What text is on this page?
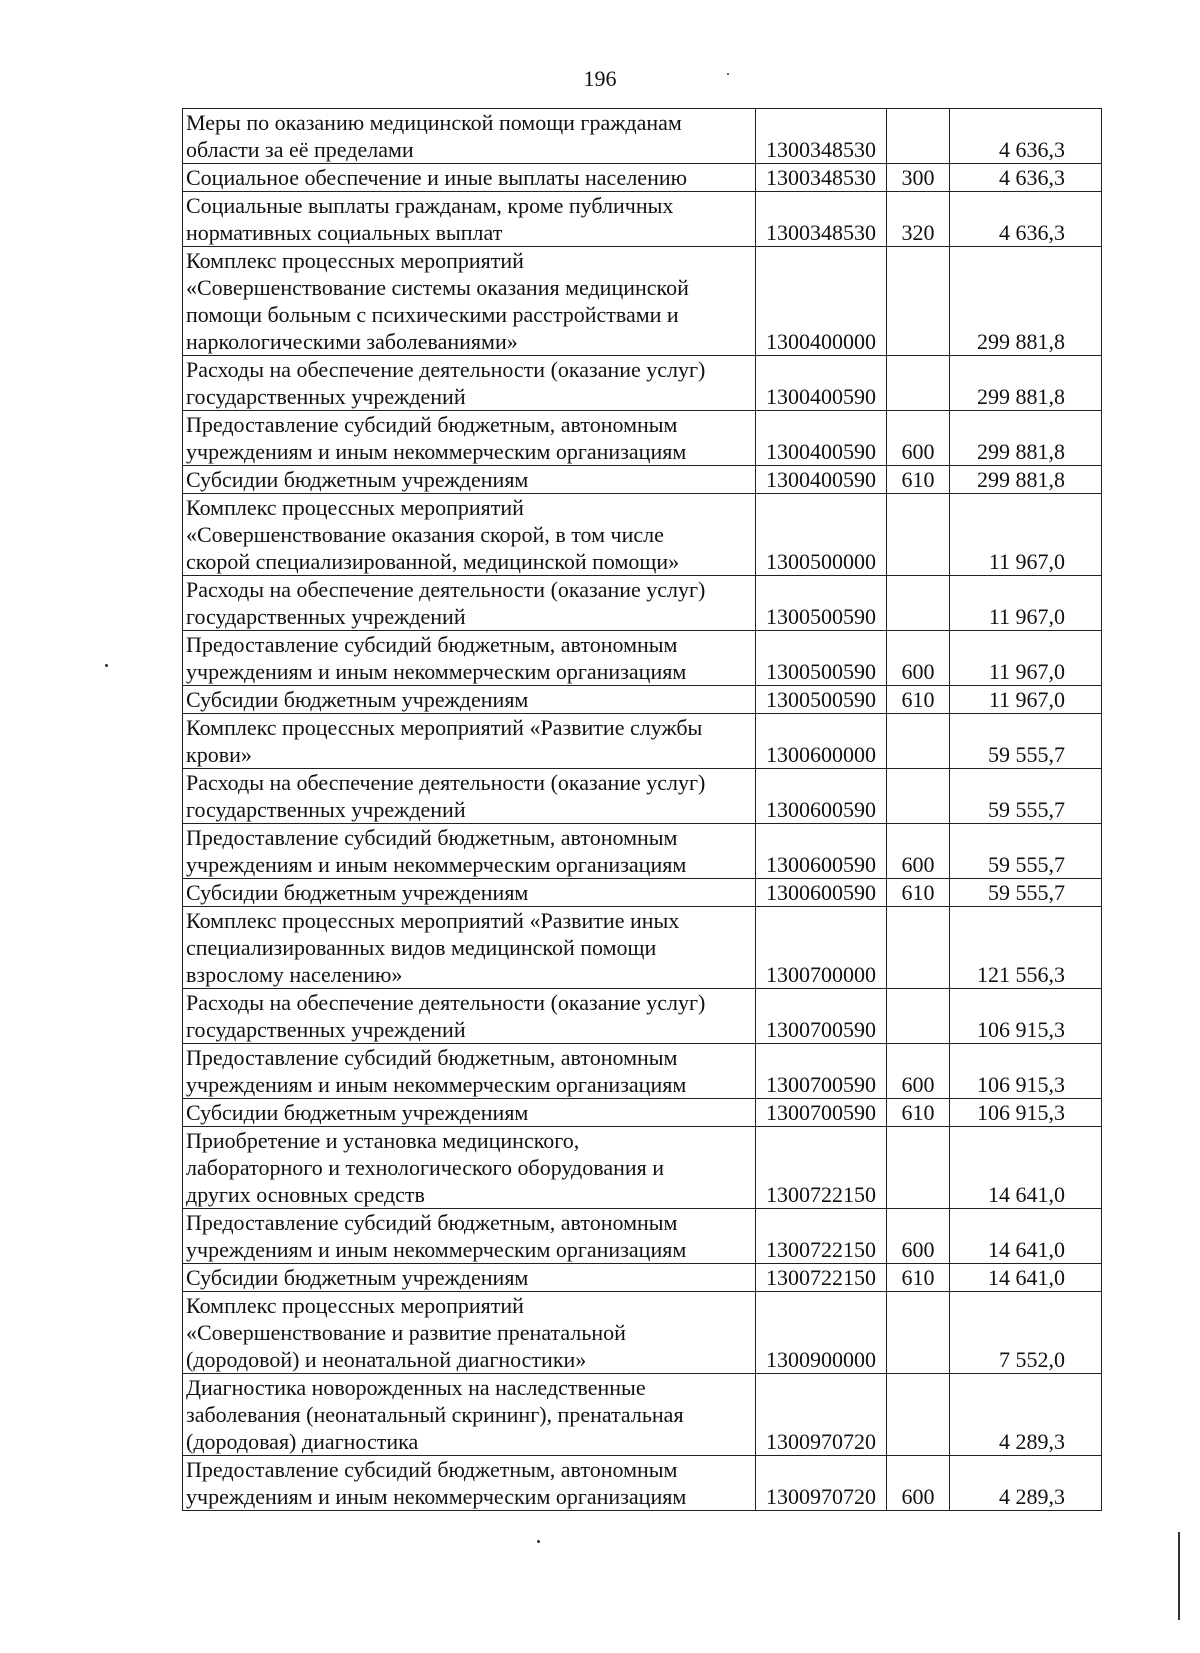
196
Меры по оказанию медицинской помощи гражданам
области за её пределами	1300348530		4 636,3

Социальное обеспечение и иные выплаты населению	1300348530	300	4 636,3

Социальные выплаты гражданам, кроме публичных
нормативных социальных выплат	1300348530	320	4 636,3

Комплекс процессных мероприятий
«Совершенствование системы оказания медицинской
помощи больным с психическими расстройствами и
наркологическими заболеваниями»	1300400000		299 881,8

Расходы на обеспечение деятельности (оказание услуг)
государственных учреждений	1300400590		299 881,8

Предоставление субсидий бюджетным, автономным
учреждениям и иным некоммерческим организациям	1300400590	600	299 881,8

Субсидии бюджетным учреждениям	1300400590	610	299 881,8

Комплекс процессных мероприятий
«Совершенствование оказания скорой, в том числе
скорой специализированной, медицинской помощи»	1300500000		11 967,0

Расходы на обеспечение деятельности (оказание услуг)
государственных учреждений	1300500590		11 967,0

Предоставление субсидий бюджетным, автономным
учреждениям и иным некоммерческим организациям	1300500590	600	11 967,0

Субсидии бюджетным учреждениям	1300500590	610	11 967,0

Комплекс процессных мероприятий «Развитие службы
крови»	1300600000		59 555,7

Расходы на обеспечение деятельности (оказание услуг)
государственных учреждений	1300600590		59 555,7

Предоставление субсидий бюджетным, автономным
учреждениям и иным некоммерческим организациям	1300600590	600	59 555,7

Субсидии бюджетным учреждениям	1300600590	610	59 555,7

Комплекс процессных мероприятий «Развитие иных
специализированных видов медицинской помощи
взрослому населению»	1300700000		121 556,3

Расходы на обеспечение деятельности (оказание услуг)
государственных учреждений	1300700590		106 915,3

Предоставление субсидий бюджетным, автономным
учреждениям и иным некоммерческим организациям	1300700590	600	106 915,3

Субсидии бюджетным учреждениям	1300700590	610	106 915,3

Приобретение и установка медицинского,
лабораторного и технологического оборудования и
других основных средств	1300722150		14 641,0

Предоставление субсидий бюджетным, автономным
учреждениям и иным некоммерческим организациям	1300722150	600	14 641,0

Субсидии бюджетным учреждениям	1300722150	610	14 641,0

Комплекс процессных мероприятий
«Совершенствование и развитие пренатальной
(дородовой) и неонатальной диагностики»	1300900000		7 552,0

Диагностика новорожденных на наследственные
заболевания (неонатальный скрининг), пренатальная
(дородовая) диагностика	1300970720		4 289,3

Предоставление субсидий бюджетным, автономным
учреждениям и иным некоммерческим организациям	1300970720	600	4 289,3
